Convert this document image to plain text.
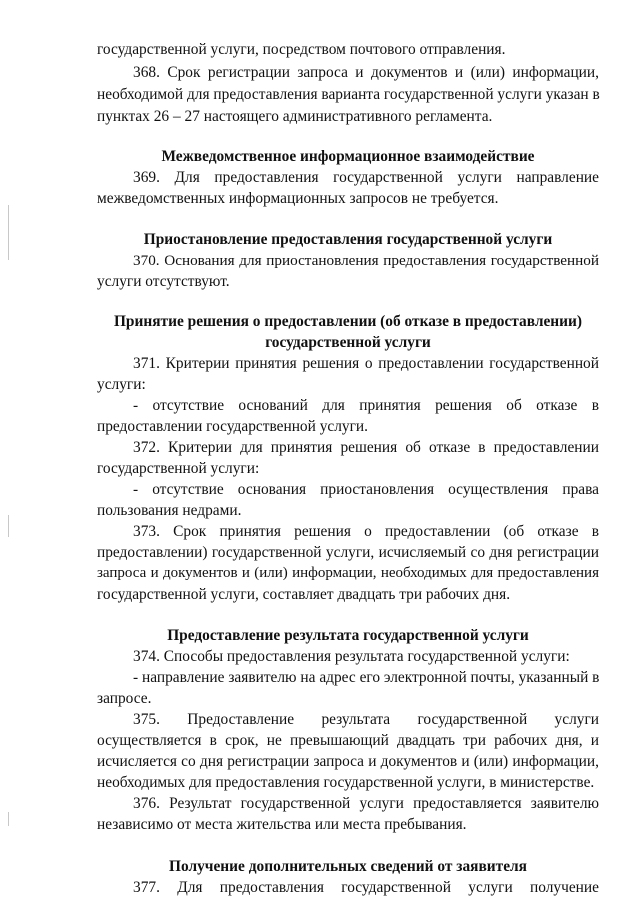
государственной услуги, посредством почтового отправления.
368. Срок регистрации запроса и документов и (или) информации,
необходимой для предоставления варианта государственной услуги указан в
пунктах 26 – 27 настоящего административного регламента.
Межведомственное информационное взаимодействие
369. Для предоставления государственной услуги направление
межведомственных информационных запросов не требуется.
Приостановление предоставления государственной услуги
370. Основания для приостановления предоставления государственной
услуги отсутствуют.
Принятие решения о предоставлении (об отказе в предоставлении)
государственной услуги
371. Критерии принятия решения о предоставлении государственной
услуги:
- отсутствие оснований для принятия решения об отказе в
предоставлении государственной услуги.
372. Критерии для принятия решения об отказе в предоставлении
государственной услуги:
- отсутствие основания приостановления осуществления права
пользования недрами.
373. Срок принятия решения о предоставлении (об отказе в
предоставлении) государственной услуги, исчисляемый со дня регистрации
запроса и документов и (или) информации, необходимых для предоставления
государственной услуги, составляет двадцать три рабочих дня.
Предоставление результата государственной услуги
374. Способы предоставления результата государственной услуги:
- направление заявителю на адрес его электронной почты, указанный в
запросе.
375. Предоставление результата государственной услуги
осуществляется в срок, не превышающий двадцать три рабочих дня, и
исчисляется со дня регистрации запроса и документов и (или) информации,
необходимых для предоставления государственной услуги, в министерстве.
376. Результат государственной услуги предоставляется заявителю
независимо от места жительства или места пребывания.
Получение дополнительных сведений от заявителя
377. Для предоставления государственной услуги получение
